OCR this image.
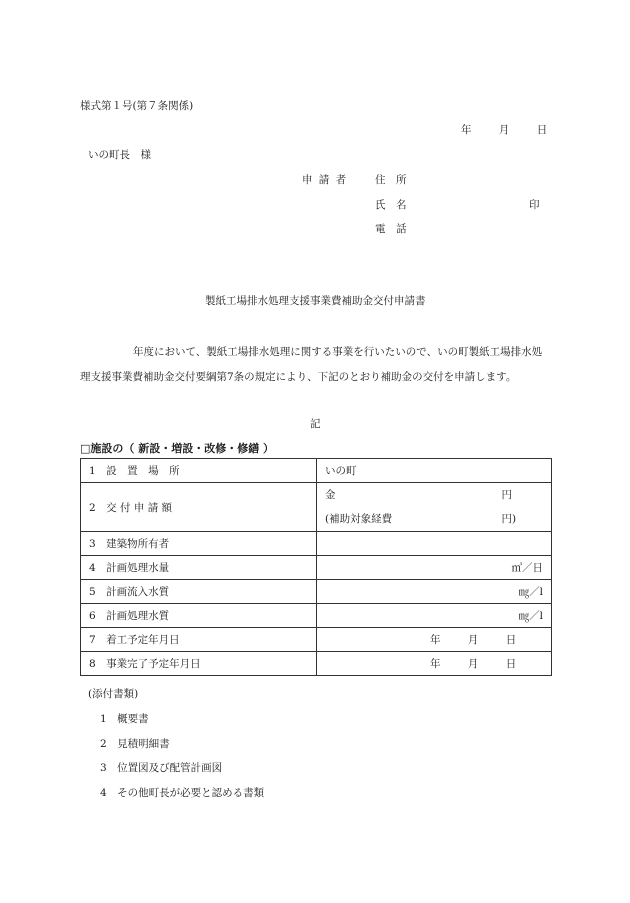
様式第１号(第７条関係)
年	月	日
いの町長　様
申請者 住　所
氏　名	印
電　話
製紙工場排水処理支援事業費補助金交付申請書
年度において、製紙工場排水処理に関する事業を行いたいので、いの町製紙工場排水処
理支援事業費補助金交付要綱第7条の規定により、下記のとおり補助金の交付を申請します。
記
□施設の（ 新設・増設・改修・修繕 ）
1　設　置　場　所	いの町
2　交 付 申 請 額	金 円
(補助対象経費 円)

3　建築物所有者	
4　計画処理水量	㎥／日

5　計画流入水質	㎎／l

6　計画処理水質	㎎／l

7　着工予定年月日	年 月 日
8　事業完了予定年月日	年 月 日
(添付書類)
1　概要書
2　見積明細書
3　位置図及び配管計画図
4　その他町長が必要と認める書類
